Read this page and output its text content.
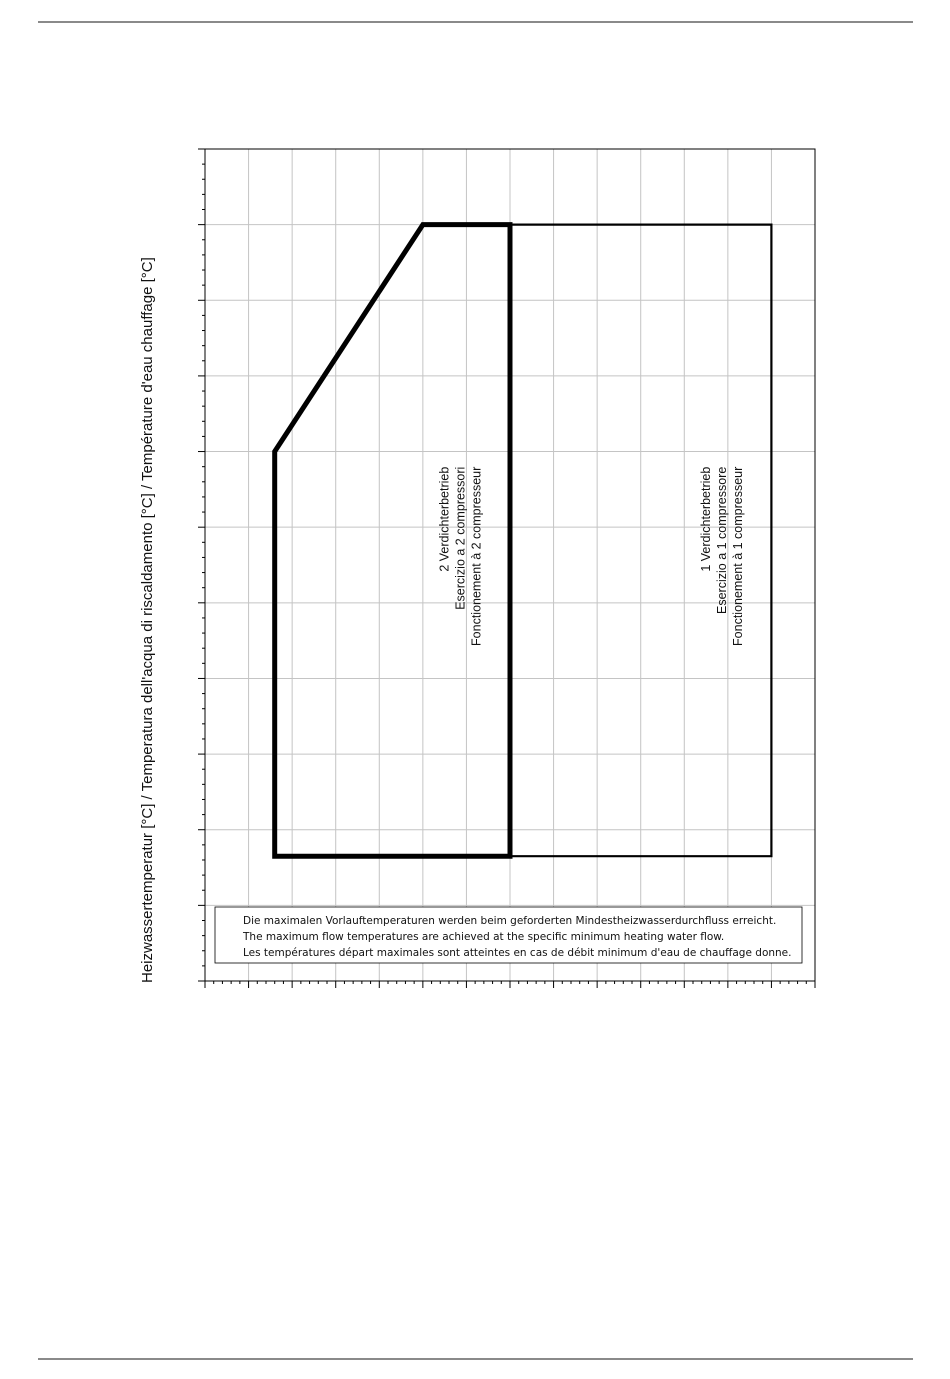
Die maximalen Vorlauftemperaturen werden beim geforderten Mindestheizwasserdurchfluss erreicht.
The maximum flow temperatures are achieved at the specific minimum heating water flow.
Les températures départ maximales sont atteintes en cas de débit minimum d'eau de chauffage donne.
2 Verdichterbetrieb Esercizio a 2 compressori Fonctionement à 2 compresseur	1 Verdichterbetrieb Esercizio a 1 compressore Fonctionement à 1 compresseur
Heizwassertemperatur [°C] / Temperatura dell'acqua di riscaldamento [°C] / Température d'eau chauffage [°C]
